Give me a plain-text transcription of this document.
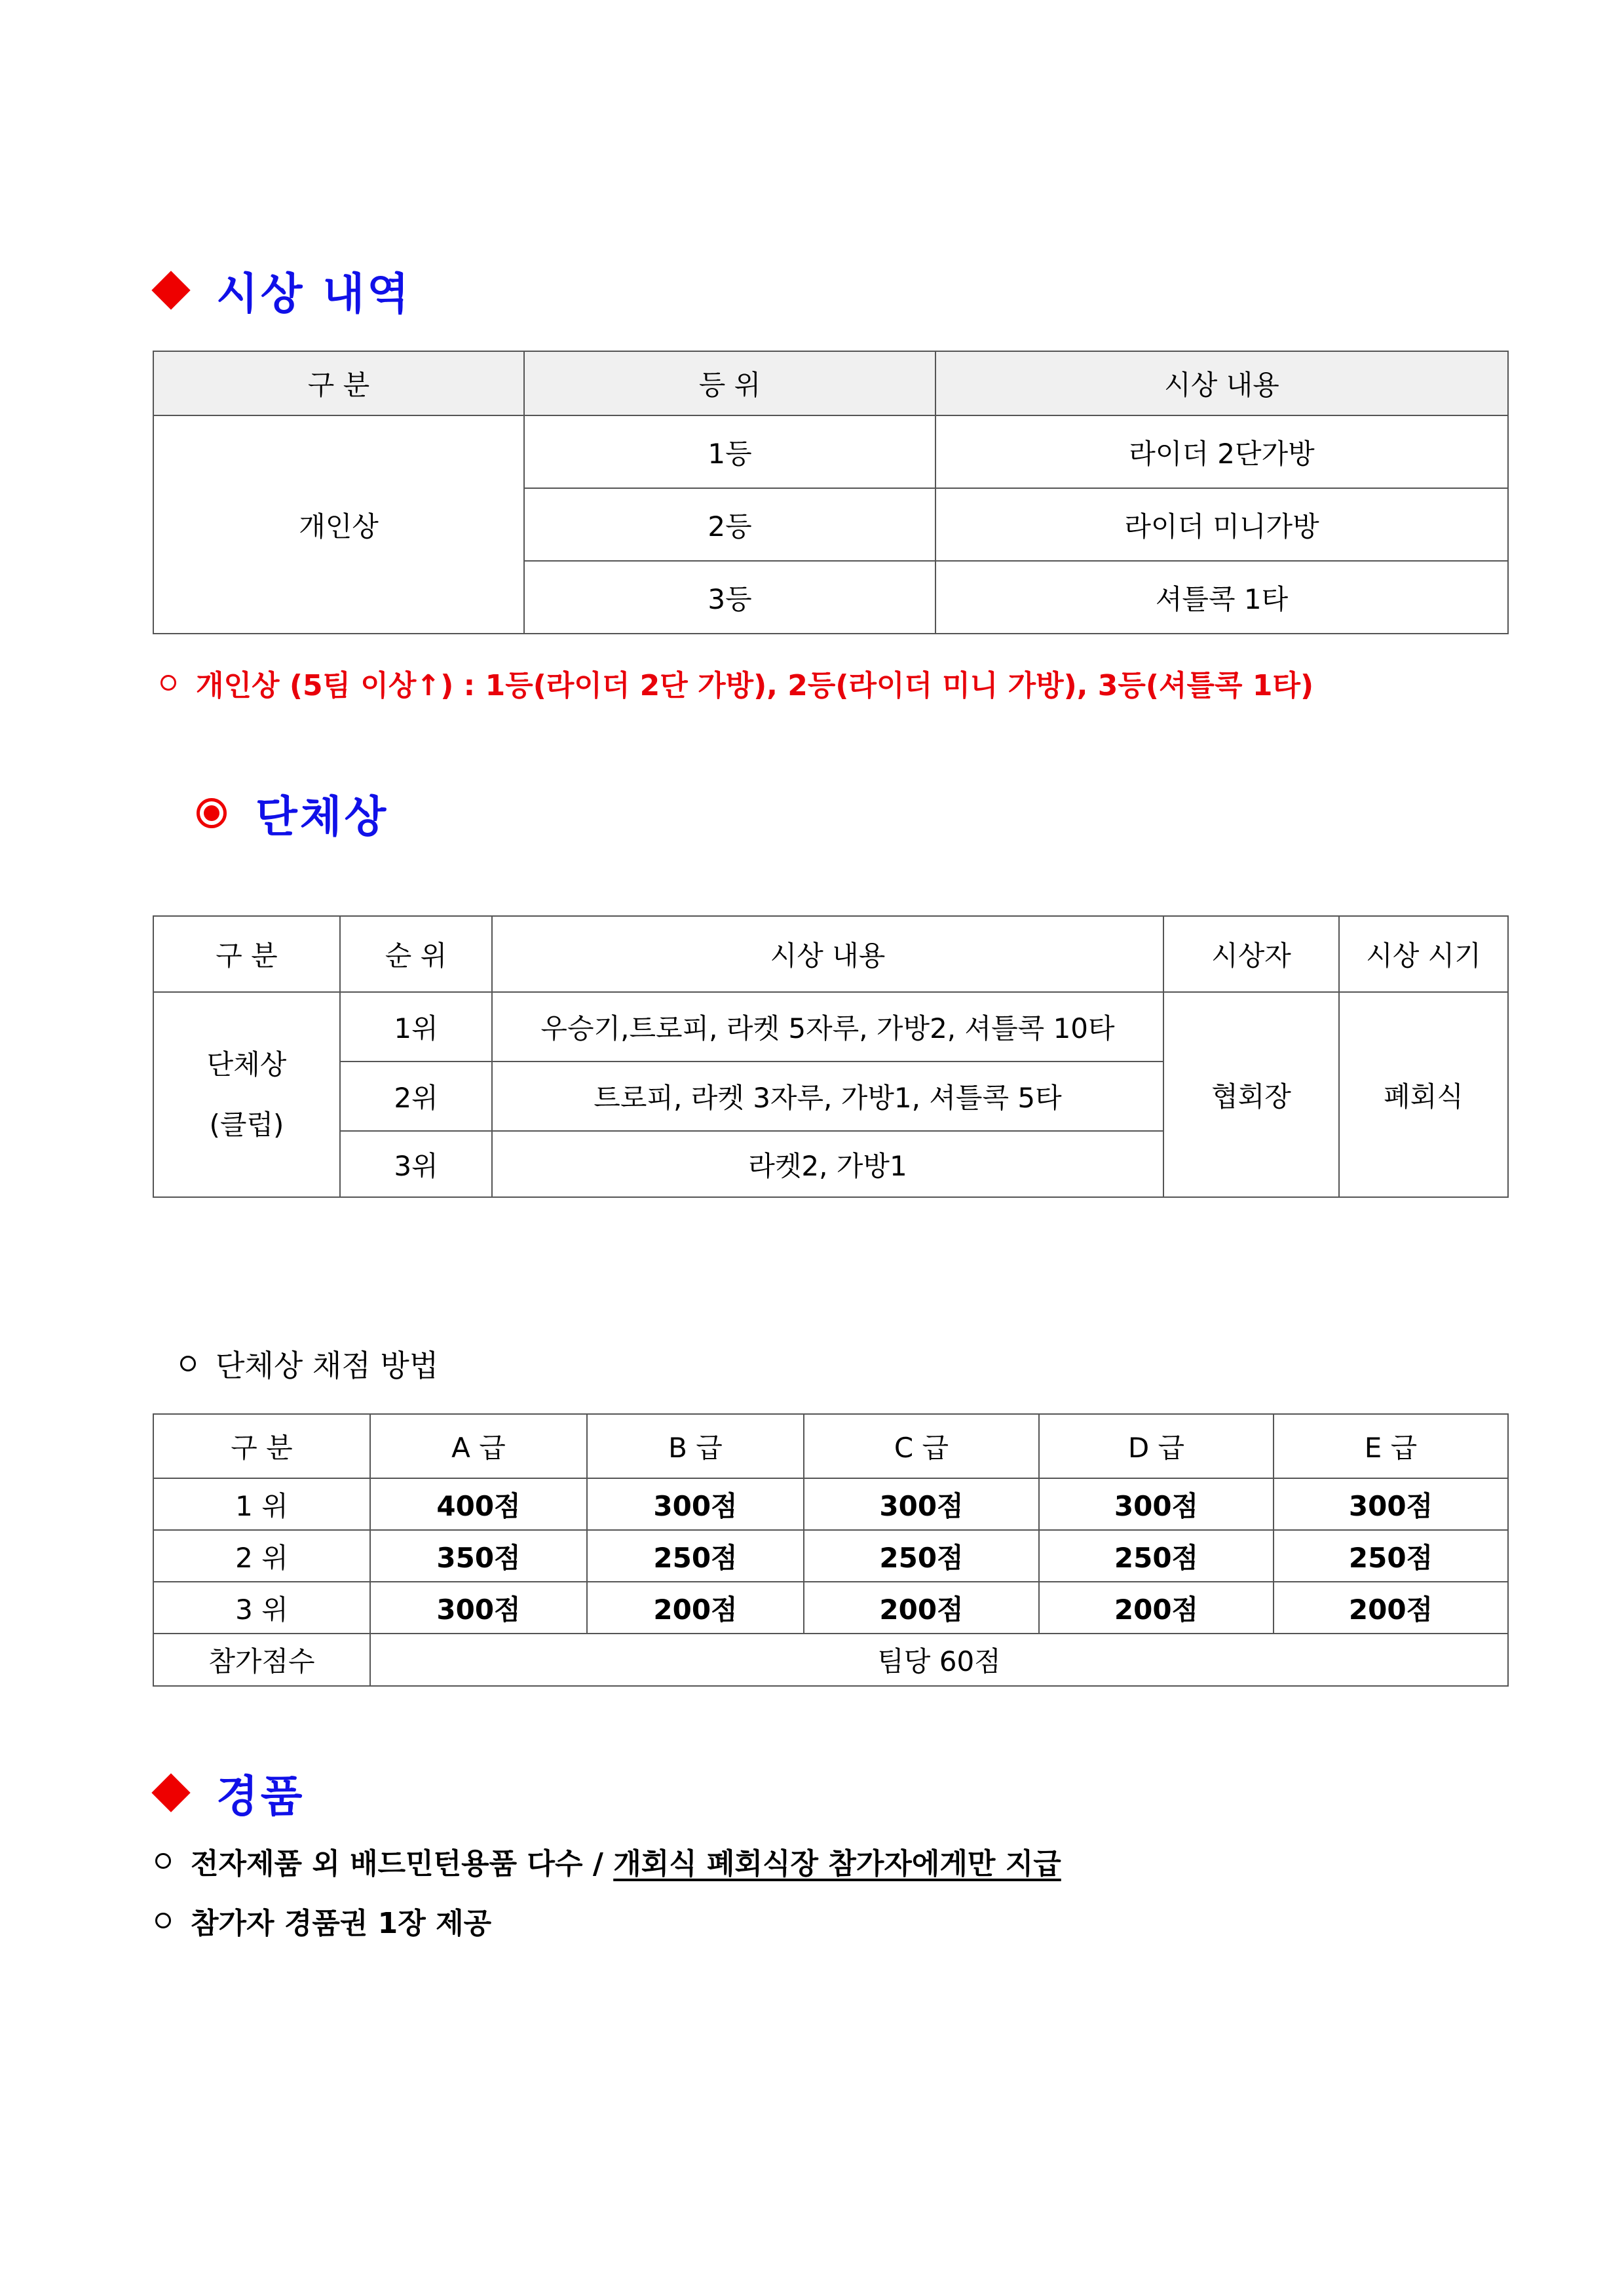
시상 내역
구 분	등 위	시상 내용
개인상	1등	라이더 2단가방
	2등	라이더 미니가방
	3등	셔틀콕 1타
개인상 (5팀 이상↑) : 1등(라이더 2단 가방), 2등(라이더 미니 가방), 3등(셔틀콕 1타)
단체상
구 분	순 위	시상 내용	시상자	시상 시기

단체상
(클럽)	1위	우승기,트로피, 라켓 5자루, 가방2, 셔틀콕 10타	협회장	폐회식
	2위	트로피, 라켓 3자루, 가방1, 셔틀콕 5타		
	3위	라켓2, 가방1		
단체상 채점 방법
구 분	A 급	B 급	C 급	D 급	E 급
1 위	400점	300점	300점	300점	300점
2 위	350점	250점	250점	250점	250점
3 위	300점	200점	200점	200점	200점
참가점수	팀당 60점				
경품
전자제품 외 배드민턴용품 다수 / 개회식 폐회식장 참가자에게만 지급
참가자 경품권 1장 제공
